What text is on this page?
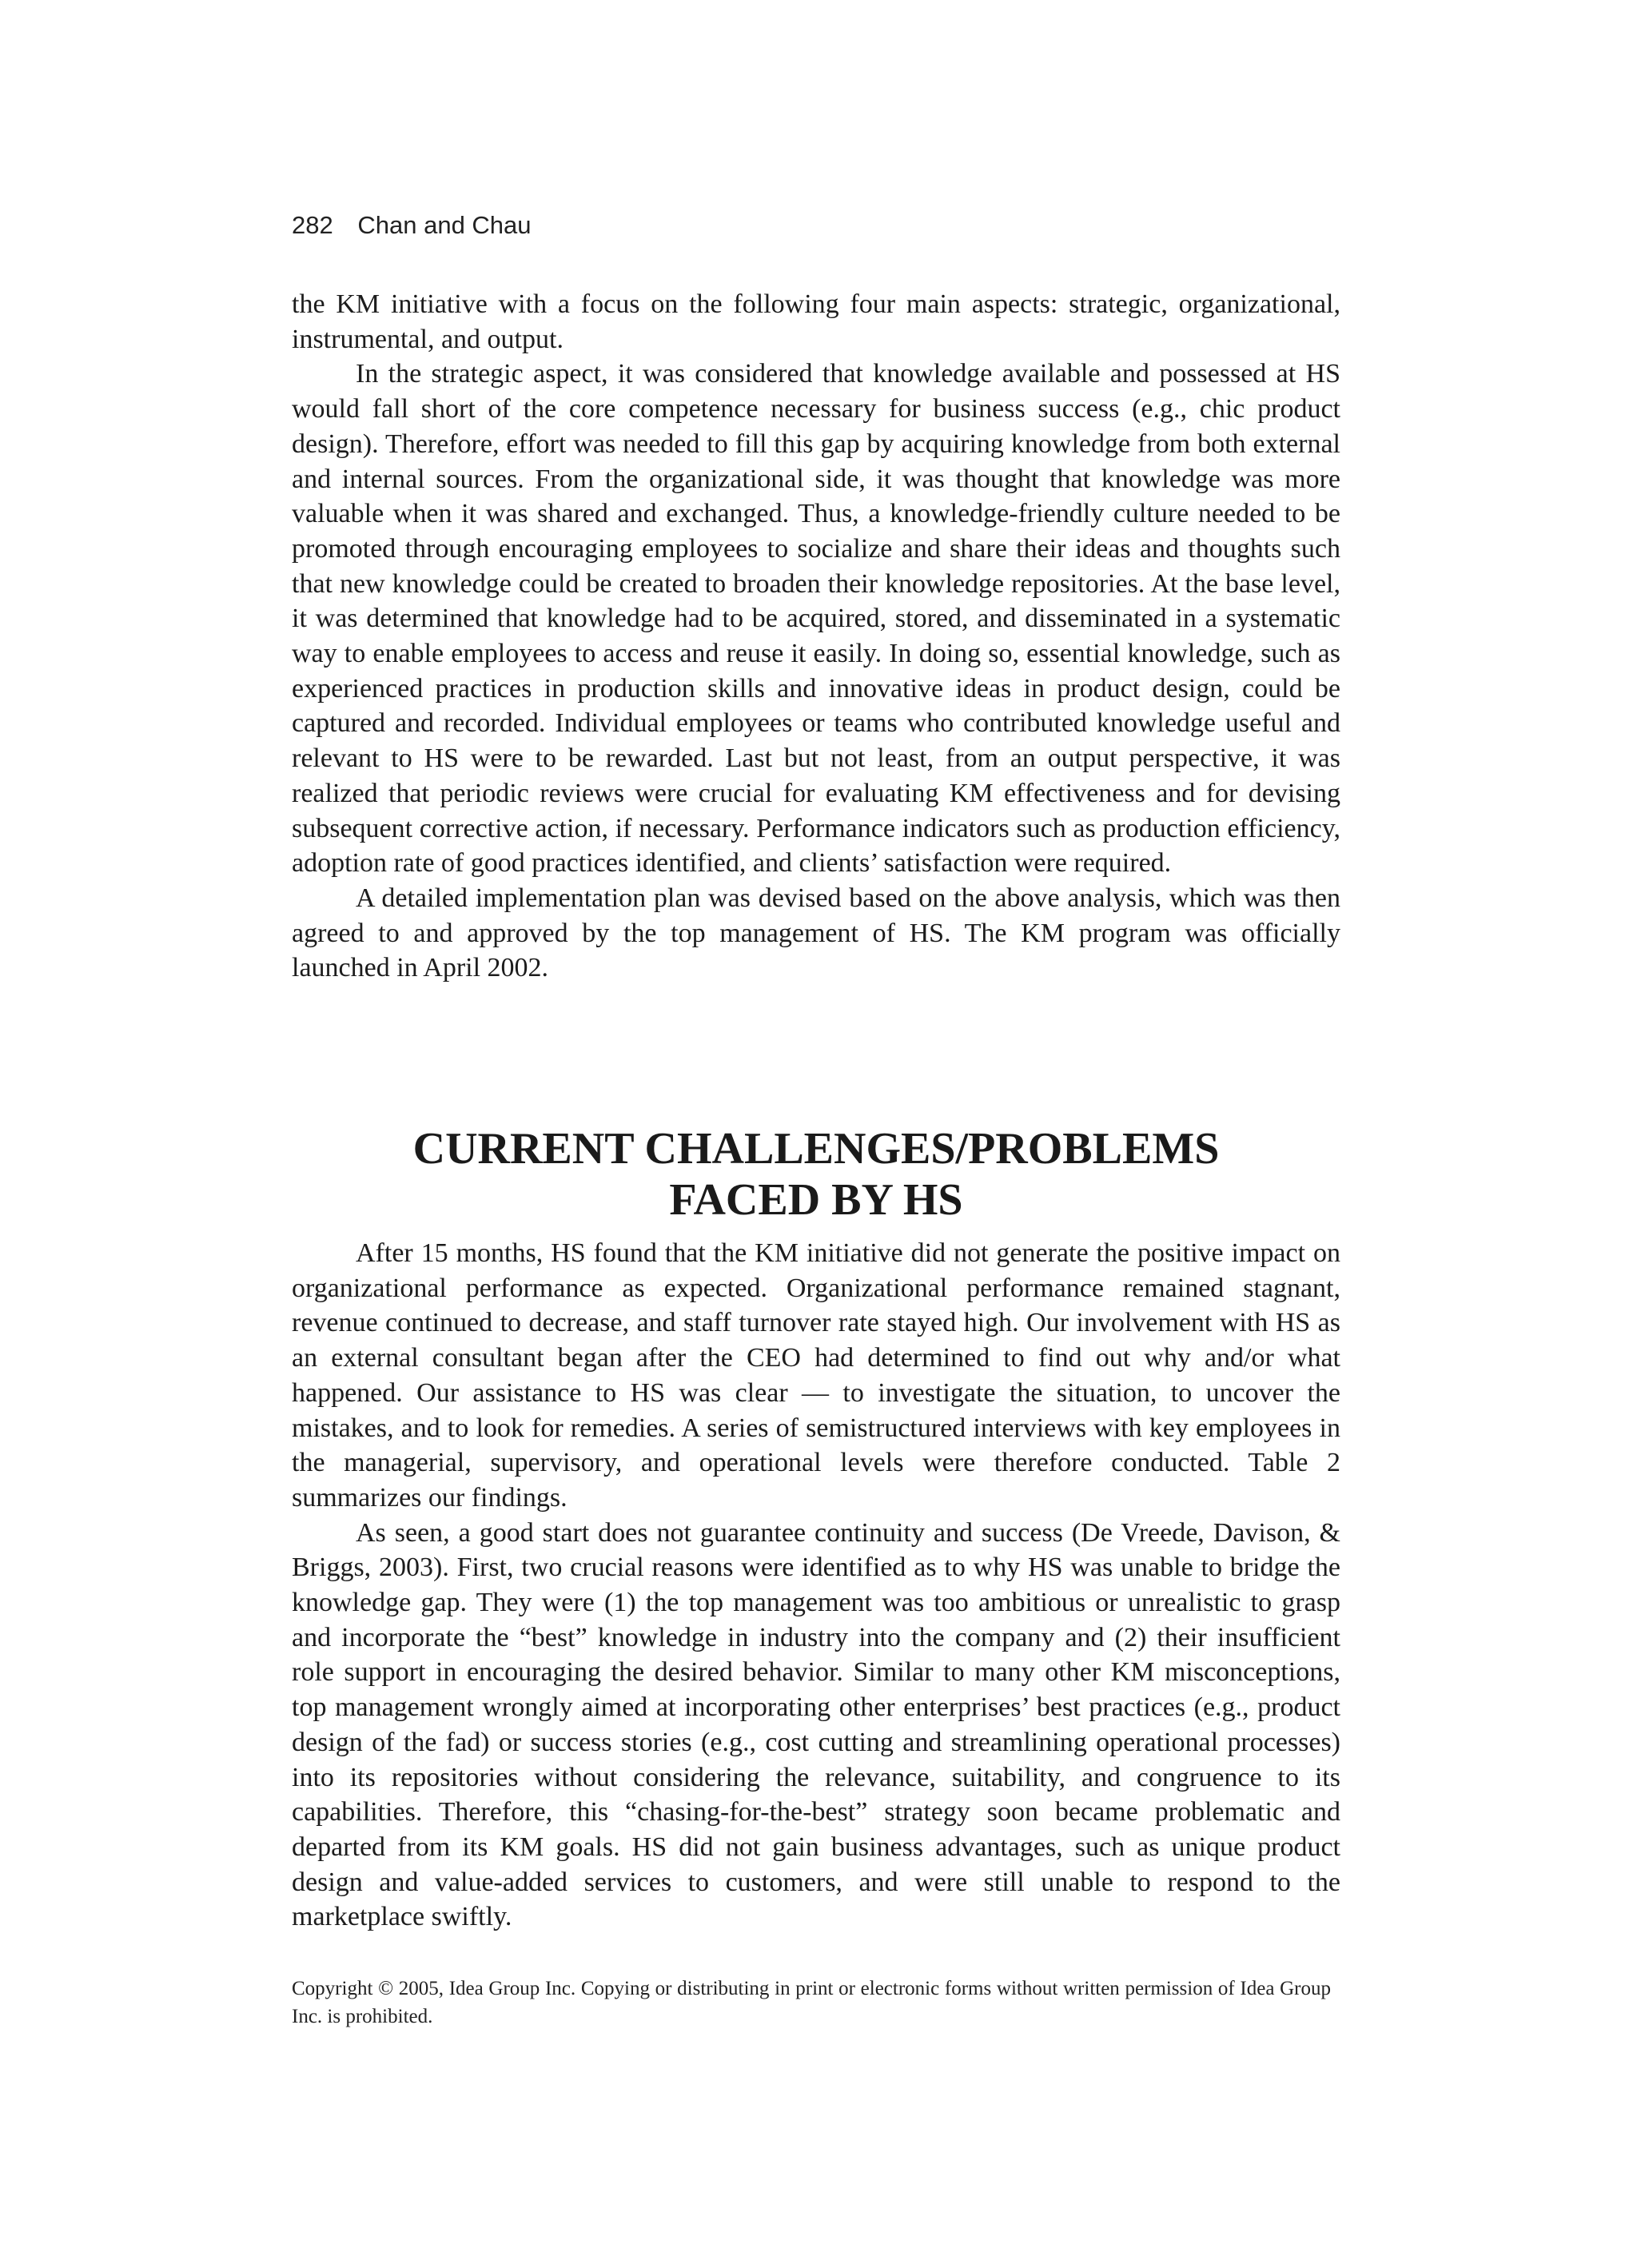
282 Chan and Chau

the KM initiative with a focus on the following four main aspects: strategic, organizational, instrumental, and output.

In the strategic aspect, it was considered that knowledge available and possessed at HS would fall short of the core competence necessary for business success (e.g., chic product design). Therefore, effort was needed to fill this gap by acquiring knowledge from both external and internal sources. From the organizational side, it was thought that knowledge was more valuable when it was shared and exchanged. Thus, a knowledge-friendly culture needed to be promoted through encouraging employees to socialize and share their ideas and thoughts such that new knowledge could be created to broaden their knowledge repositories. At the base level, it was determined that knowledge had to be acquired, stored, and disseminated in a systematic way to enable employees to access and reuse it easily. In doing so, essential knowledge, such as experienced practices in production skills and innovative ideas in product design, could be captured and recorded. Individual employees or teams who contributed knowledge useful and relevant to HS were to be rewarded. Last but not least, from an output perspective, it was realized that periodic reviews were crucial for evaluating KM effectiveness and for devising subsequent corrective action, if necessary. Performance indicators such as production efficiency, adoption rate of good practices identified, and clients’ satisfaction were required.

A detailed implementation plan was devised based on the above analysis, which was then agreed to and approved by the top management of HS. The KM program was officially launched in April 2002.

CURRENT CHALLENGES/PROBLEMS
FACED BY HS

After 15 months, HS found that the KM initiative did not generate the positive impact on organizational performance as expected. Organizational performance remained stagnant, revenue continued to decrease, and staff turnover rate stayed high. Our involvement with HS as an external consultant began after the CEO had determined to find out why and/or what happened. Our assistance to HS was clear — to investigate the situation, to uncover the mistakes, and to look for remedies. A series of semistructured interviews with key employees in the managerial, supervisory, and operational levels were therefore conducted. Table 2 summarizes our findings.

As seen, a good start does not guarantee continuity and success (De Vreede, Davison, & Briggs, 2003). First, two crucial reasons were identified as to why HS was unable to bridge the knowledge gap. They were (1) the top management was too ambitious or unrealistic to grasp and incorporate the “best” knowledge in industry into the company and (2) their insufficient role support in encouraging the desired behavior. Similar to many other KM misconceptions, top management wrongly aimed at incorporating other enterprises’ best practices (e.g., product design of the fad) or success stories (e.g., cost cutting and streamlining operational processes) into its repositories without considering the relevance, suitability, and congruence to its capabilities. Therefore, this “chasing-for-the-best” strategy soon became problematic and departed from its KM goals. HS did not gain business advantages, such as unique product design and value-added services to customers, and were still unable to respond to the marketplace swiftly.

Copyright © 2005, Idea Group Inc. Copying or distributing in print or electronic forms without written permission of Idea Group Inc. is prohibited.
